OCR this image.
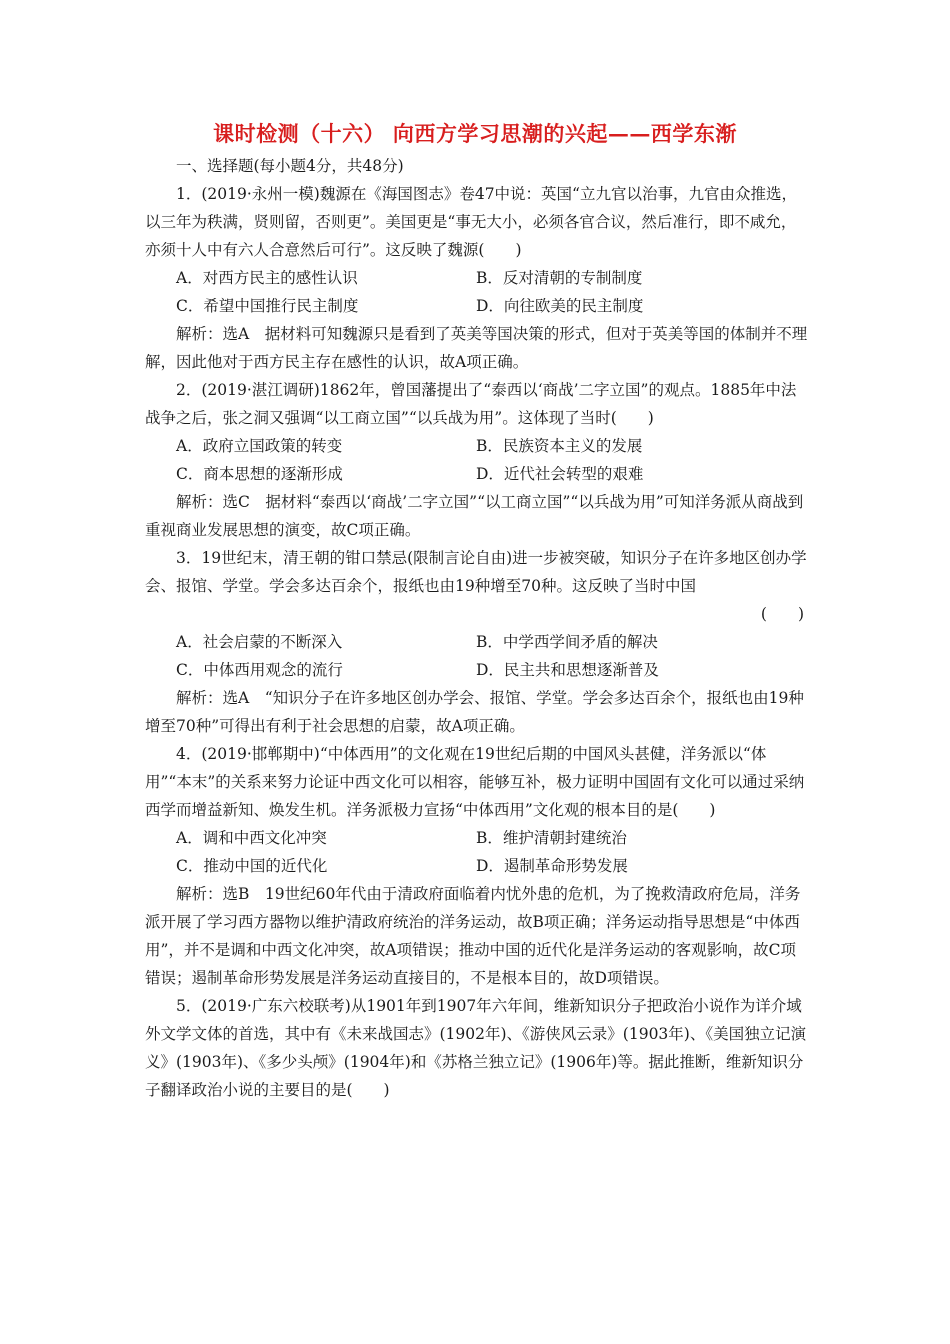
课时检测（十六） 向西方学习思潮的兴起——西学东渐

一、选择题(每小题4分，共48分)

1．(2019·永州一模)魏源在《海国图志》卷47中说：英国“立九官以治事，九官由众推选，以三年为秩满，贤则留，否则更”。美国更是“事无大小，必须各官合议，然后准行，即不咸允，亦须十人中有六人合意然后可行”。这反映了魏源(　　)

A．对西方民主的感性认识	B．反对清朝的专制制度
C．希望中国推行民主制度	D．向往欧美的民主制度

解析：选A　据材料可知魏源只是看到了英美等国决策的形式，但对于英美等国的体制并不理解，因此他对于西方民主存在感性的认识，故A项正确。

2．(2019·湛江调研)1862年，曾国藩提出了“泰西以‘商战’二字立国”的观点。1885年中法战争之后，张之洞又强调“以工商立国”“以兵战为用”。这体现了当时(　　)

A．政府立国政策的转变	B．民族资本主义的发展
C．商本思想的逐渐形成	D．近代社会转型的艰难

解析：选C　据材料“泰西以‘商战’二字立国”“以工商立国”“以兵战为用”可知洋务派从商战到重视商业发展思想的演变，故C项正确。

3．19世纪末，清王朝的钳口禁忌(限制言论自由)进一步被突破，知识分子在许多地区创办学会、报馆、学堂。学会多达百余个，报纸也由19种增至70种。这反映了当时中国

(　　)

A．社会启蒙的不断深入	B．中学西学间矛盾的解决
C．中体西用观念的流行	D．民主共和思想逐渐普及

解析：选A　“知识分子在许多地区创办学会、报馆、学堂。学会多达百余个，报纸也由19种增至70种”可得出有利于社会思想的启蒙，故A项正确。

4．(2019·邯郸期中)“中体西用”的文化观在19世纪后期的中国风头甚健，洋务派以“体用”“本末”的关系来努力论证中西文化可以相容，能够互补，极力证明中国固有文化可以通过采纳西学而增益新知、焕发生机。洋务派极力宣扬“中体西用”文化观的根本目的是(　　)

A．调和中西文化冲突	B．维护清朝封建统治
C．推动中国的近代化	D．遏制革命形势发展

解析：选B　19世纪60年代由于清政府面临着内忧外患的危机，为了挽救清政府危局，洋务派开展了学习西方器物以维护清政府统治的洋务运动，故B项正确；洋务运动指导思想是“中体西用”，并不是调和中西文化冲突，故A项错误；推动中国的近代化是洋务运动的客观影响，故C项错误；遏制革命形势发展是洋务运动直接目的，不是根本目的，故D项错误。

5．(2019·广东六校联考)从1901年到1907年六年间，维新知识分子把政治小说作为详介域外文学文体的首选，其中有《未来战国志》(1902年)、《游侠风云录》(1903年)、《美国独立记演义》(1903年)、《多少头颅》(1904年)和《苏格兰独立记》(1906年)等。据此推断，维新知识分子翻译政治小说的主要目的是(　　)
